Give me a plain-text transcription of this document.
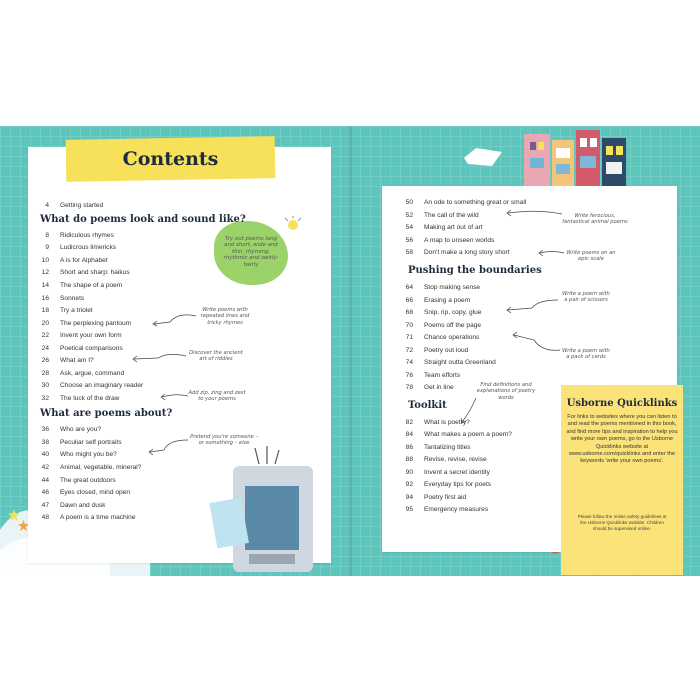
Contents
Try out poems long and short, wide and thin, rhyming, rhythmic and swirly-twirly
4 Getting started
What do poems look and sound like?
8 Ridiculous rhymes
9 Ludicrous limericks
10 A is for Alphabet
12 Short and sharp: haikus
14 The shape of a poem
16 Sonnets
18 Try a triolet
20 The perplexing pantoum
22 Invent your own form
24 Poetical comparisons
26 What am I?
28 Ask, argue, command
30 Choose an imaginary reader
32 The luck of the draw
What are poems about?
36 Who are you?
38 Peculiar self portraits
40 Who might you be?
42 Animal, vegetable, mineral?
44 The great outdoors
46 Eyes closed, mind open
47 Dawn and dusk
48 A poem is a time machine
Write poems with repeated lines and tricky rhymes
Discover the ancient art of riddles
Add zip, zing and zest to your poems
Pretend you're someone – or something – else
50 An ode to something great or small
52 The call of the wild
54 Making art out of art
56 A map to unseen worlds
58 Don't make a long story short
Pushing the boundaries
64 Stop making sense
66 Erasing a poem
68 Snip, rip, copy, glue
70 Poems off the page
71 Chance operations
72 Poetry out loud
74 Straight outta Greenland
76 Team efforts
78 Get in line
Toolkit
82 What is poetry?
84 What makes a poem a poem?
86 Tantalizing titles
88 Revise, revise, revise
90 Invent a secret identity
92 Everyday tips for poets
94 Poetry first aid
95 Emergency measures
Write ferocious, fantastical animal poems
Write poems on an epic scale
Write a poem with a pair of scissors
Write a poem with a pack of cards
Find definitions and explanations of poetry words
Usborne Quicklinks
For links to websites where you can listen to and read the poems mentioned in this book, and find more tips and inspiration to help you write your own poems, go to the Usborne Quicklinks website at www.usborne.com/quicklinks and enter the keywords 'write your own poems'.
Please follow the online safety guidelines at the Usborne Quicklinks website. Children should be supervised online.
